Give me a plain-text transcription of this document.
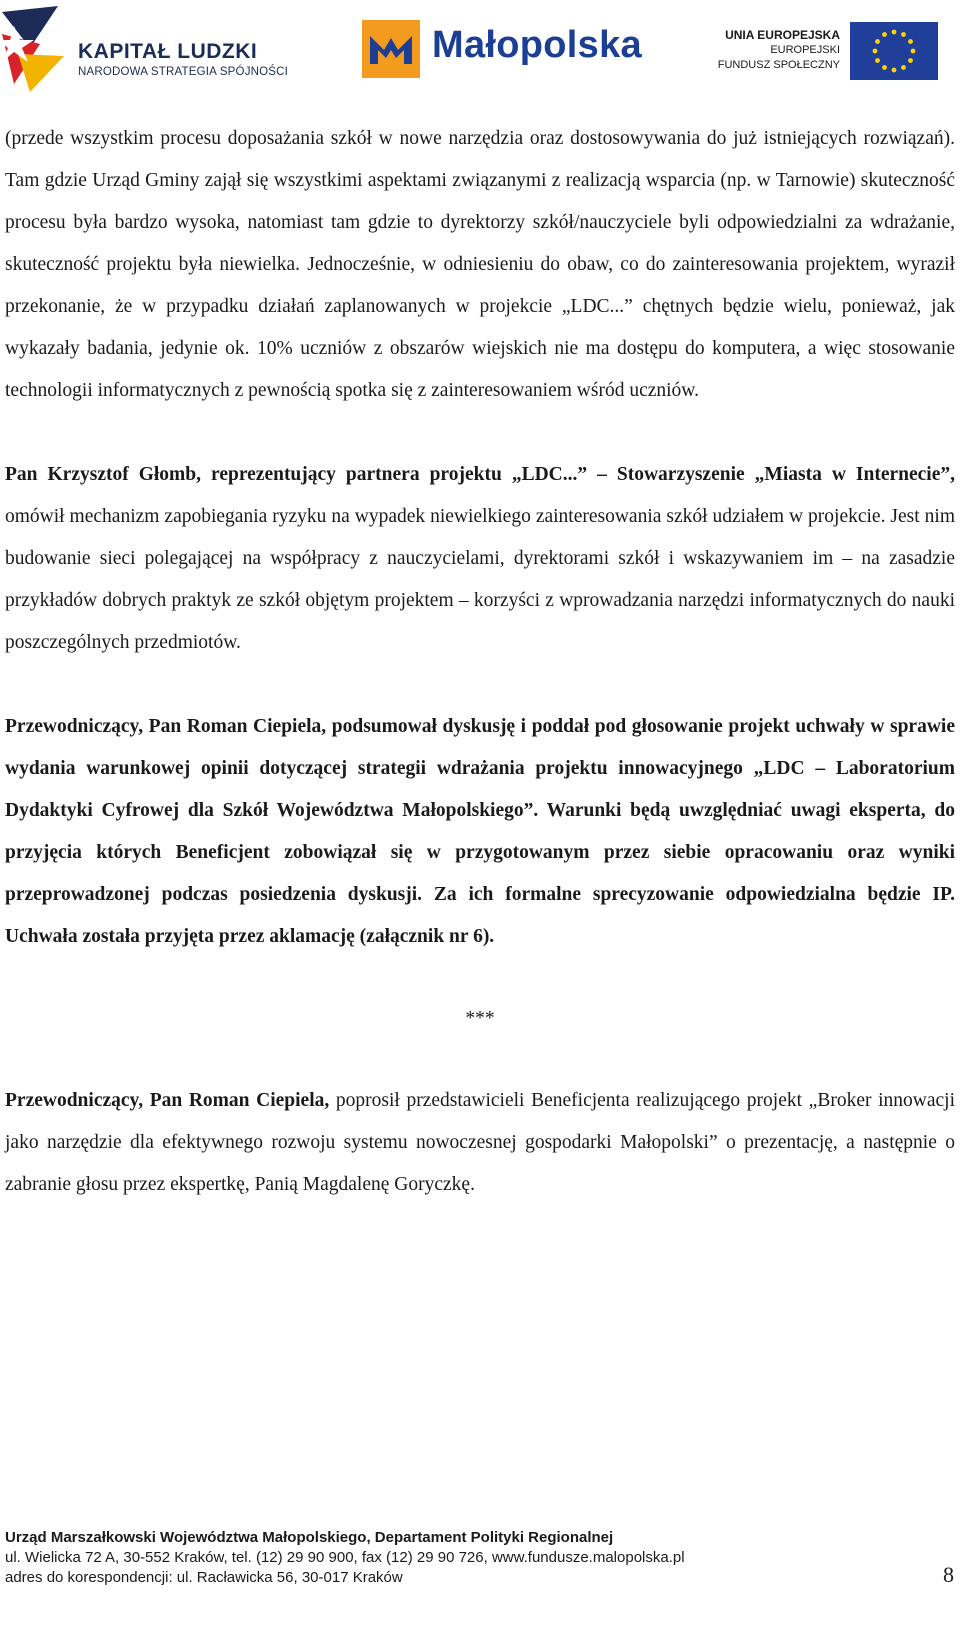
KAPITAŁ LUDZKI
NARODOWA STRATEGIA SPÓJNOŚCI
Małopolska	UNIA EUROPEJSKA
EUROPEJSKI
FUNDUSZ SPOŁECZNY

(przede wszystkim procesu doposażania szkół w nowe narzędzia oraz dostosowywania do już istniejących rozwiązań). Tam gdzie Urząd Gminy zajął się wszystkimi aspektami związanymi z realizacją wsparcia (np. w Tarnowie) skuteczność procesu była bardzo wysoka, natomiast tam gdzie to dyrektorzy szkół/nauczyciele byli odpowiedzialni za wdrażanie, skuteczność projektu była niewielka. Jednocześnie, w odniesieniu do obaw, co do zainteresowania projektem, wyraził przekonanie, że w przypadku działań zaplanowanych w projekcie „LDC...” chętnych będzie wielu, ponieważ, jak wykazały badania, jedynie ok. 10% uczniów z obszarów wiejskich nie ma dostępu do komputera, a więc stosowanie technologii informatycznych z pewnością spotka się z zainteresowaniem wśród uczniów.

Pan Krzysztof Głomb, reprezentujący partnera projektu „LDC...” – Stowarzyszenie „Miasta w Internecie”, omówił mechanizm zapobiegania ryzyku na wypadek niewielkiego zainteresowania szkół udziałem w projekcie. Jest nim budowanie sieci polegającej na współpracy z nauczycielami, dyrektorami szkół i wskazywaniem im – na zasadzie przykładów dobrych praktyk ze szkół objętym projektem – korzyści z wprowadzania narzędzi informatycznych do nauki poszczególnych przedmiotów.

Przewodniczący, Pan Roman Ciepiela, podsumował dyskusję i poddał pod głosowanie projekt uchwały w sprawie wydania warunkowej opinii dotyczącej strategii wdrażania projektu innowacyjnego „LDC – Laboratorium Dydaktyki Cyfrowej dla Szkół Województwa Małopolskiego”. Warunki będą uwzględniać uwagi eksperta, do przyjęcia których Beneficjent zobowiązał się w przygotowanym przez siebie opracowaniu oraz wyniki przeprowadzonej podczas posiedzenia dyskusji. Za ich formalne sprecyzowanie odpowiedzialna będzie IP. Uchwała została przyjęta przez aklamację (załącznik nr 6).

***

Przewodniczący, Pan Roman Ciepiela, poprosił przedstawicieli Beneficjenta realizującego projekt „Broker innowacji jako narzędzie dla efektywnego rozwoju systemu nowoczesnej gospodarki Małopolski” o prezentację, a następnie o zabranie głosu przez ekspertkę, Panią Magdalenę Goryczkę.

Urząd Marszałkowski Województwa Małopolskiego, Departament Polityki Regionalnej
ul. Wielicka 72 A, 30-552 Kraków, tel. (12) 29 90 900, fax (12) 29 90 726, www.fundusze.malopolska.pl
adres do korespondencji: ul. Racławicka 56, 30-017 Kraków	8
